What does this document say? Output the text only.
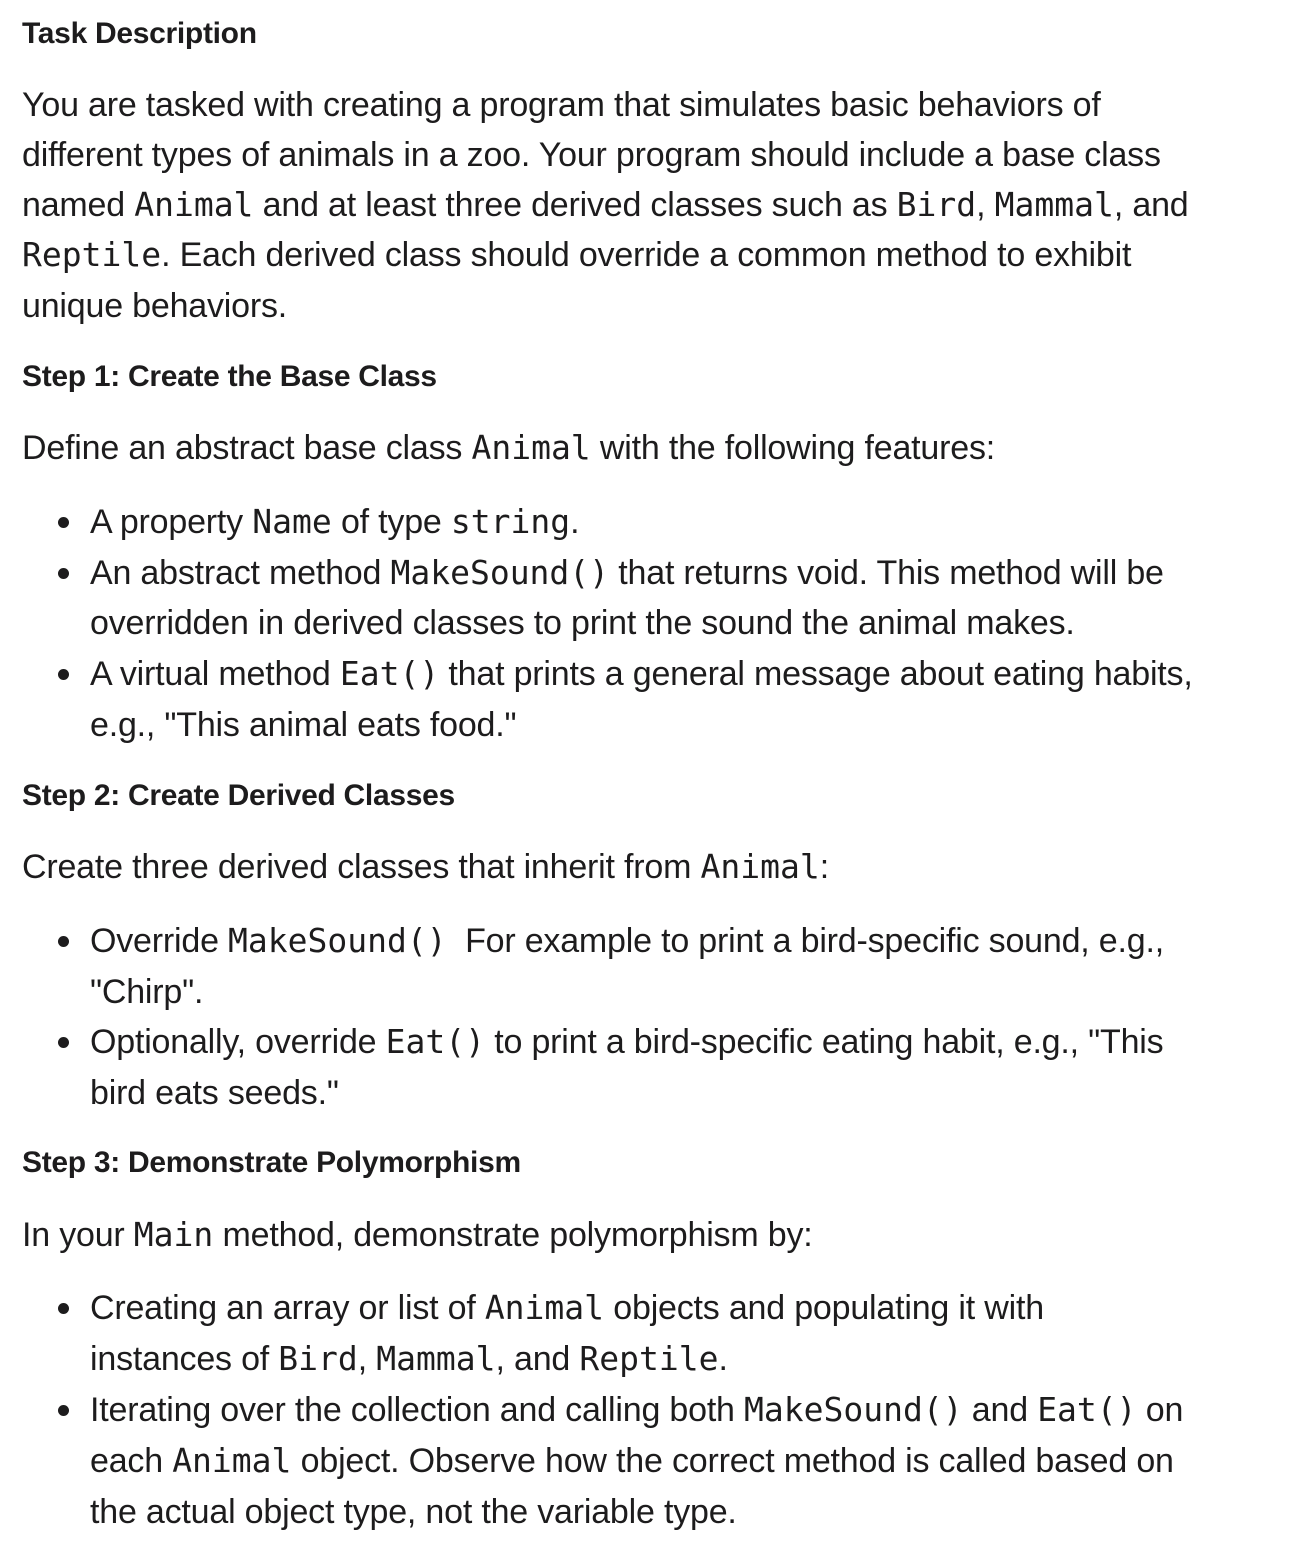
Task Description

You are tasked with creating a program that simulates basic behaviors of

different types of animals in a zoo. Your program should include a base class

named Animal and at least three derived classes such as Bird, Mammal, and

Reptile. Each derived class should override a common method to exhibit

unique behaviors.

Step 1: Create the Base Class

Define an abstract base class Animal with the following features:

A property Name of type string.

An abstract method MakeSound() that returns void. This method will be

overridden in derived classes to print the sound the animal makes.

A virtual method Eat() that prints a general message about eating habits,

e.g., "This animal eats food."

Step 2: Create Derived Classes

Create three derived classes that inherit from Animal:

Override MakeSound()  For example to print a bird-specific sound, e.g.,

"Chirp".

Optionally, override Eat() to print a bird-specific eating habit, e.g., "This

bird eats seeds."

Step 3: Demonstrate Polymorphism

In your Main method, demonstrate polymorphism by:

Creating an array or list of Animal objects and populating it with

instances of Bird, Mammal, and Reptile.

Iterating over the collection and calling both MakeSound() and Eat() on

each Animal object. Observe how the correct method is called based on

the actual object type, not the variable type.
